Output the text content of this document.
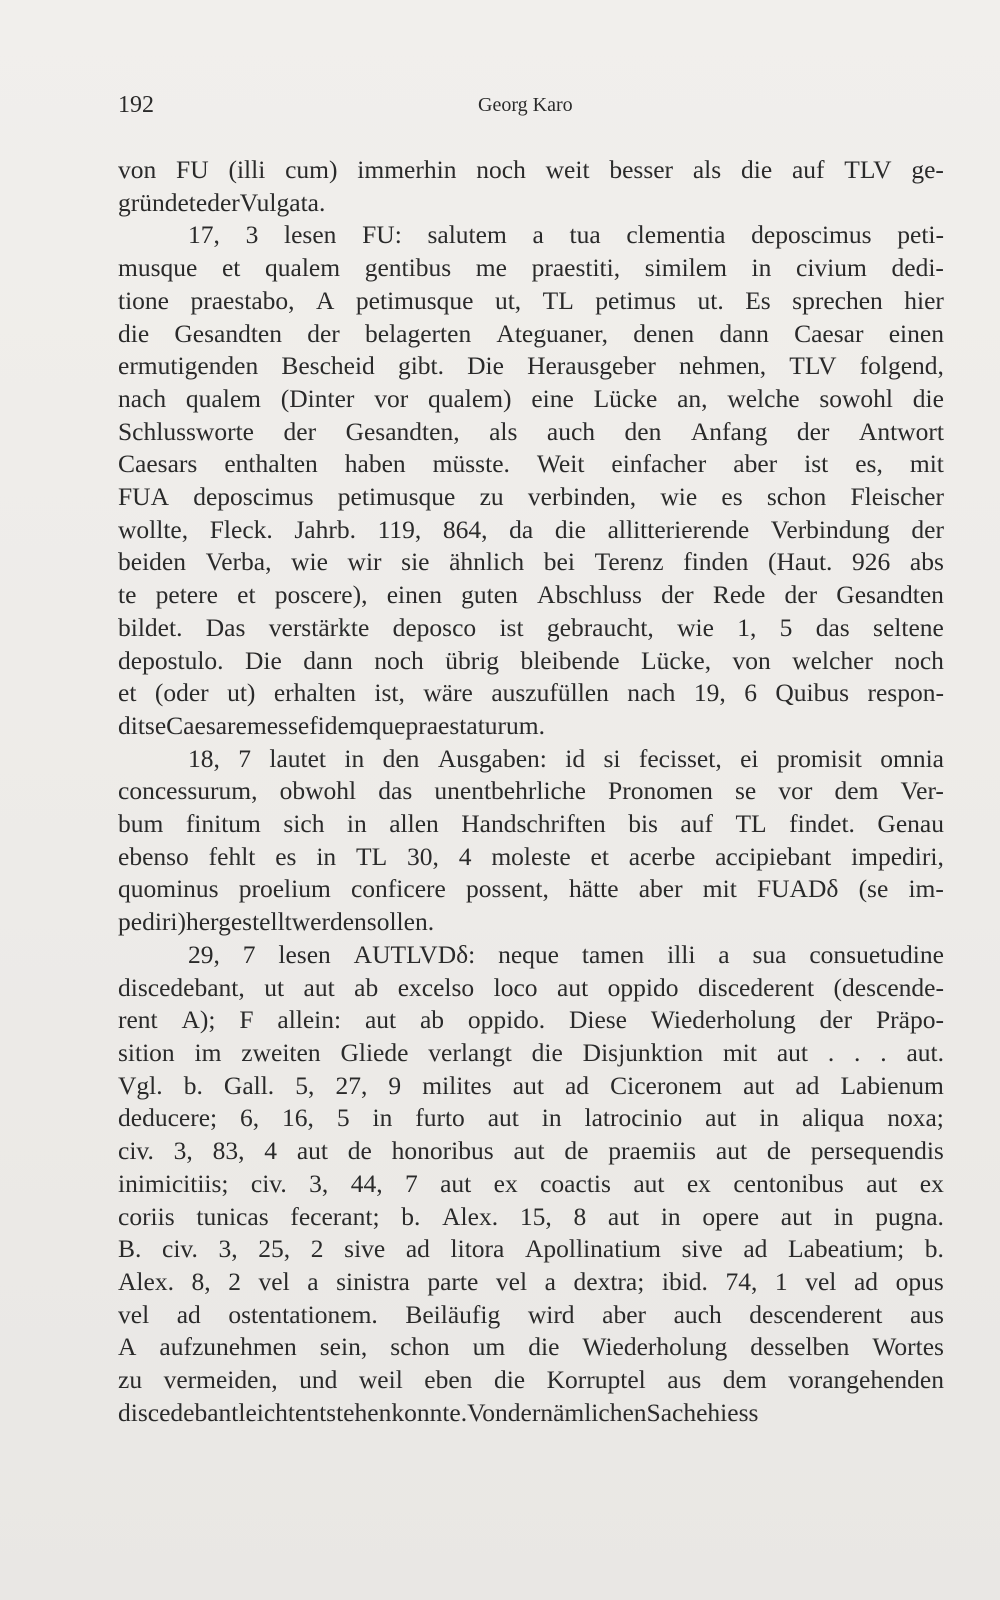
192	Georg Karo
von FU (illi cum) immerhin noch weit besser als die auf TLV ge-
gründete der Vulgata.
17, 3 lesen FU: salutem a tua clementia deposcimus peti-
musque et qualem gentibus me praestiti, similem in civium dedi-
tione praestabo, A petimusque ut, TL petimus ut. Es sprechen hier
die Gesandten der belagerten Ateguaner, denen dann Caesar einen
ermutigenden Bescheid gibt. Die Herausgeber nehmen, TLV folgend,
nach qualem (Dinter vor qualem) eine Lücke an, welche sowohl die
Schlussworte der Gesandten, als auch den Anfang der Antwort
Caesars enthalten haben müsste. Weit einfacher aber ist es, mit
FUA deposcimus petimusque zu verbinden, wie es schon Fleischer
wollte, Fleck. Jahrb. 119, 864, da die allitterierende Verbindung der
beiden Verba, wie wir sie ähnlich bei Terenz finden (Haut. 926 abs
te petere et poscere), einen guten Abschluss der Rede der Gesandten
bildet. Das verstärkte deposco ist gebraucht, wie 1, 5 das seltene
depostulo. Die dann noch übrig bleibende Lücke, von welcher noch
et (oder ut) erhalten ist, wäre auszufüllen nach 19, 6 Quibus respon-
dit se Caesarem esse fidemque praestaturum.
18, 7 lautet in den Ausgaben: id si fecisset, ei promisit omnia
concessurum, obwohl das unentbehrliche Pronomen se vor dem Ver-
bum finitum sich in allen Handschriften bis auf TL findet. Genau
ebenso fehlt es in TL 30, 4 moleste et acerbe accipiebant impediri,
quominus proelium conficere possent, hätte aber mit FUADδ (se im-
pediri) hergestellt werden sollen.
29, 7 lesen AUTLVDδ: neque tamen illi a sua consuetudine
discedebant, ut aut ab excelso loco aut oppido discederent (descende-
rent A); F allein: aut ab oppido. Diese Wiederholung der Präpo-
sition im zweiten Gliede verlangt die Disjunktion mit aut . . . aut.
Vgl. b. Gall. 5, 27, 9 milites aut ad Ciceronem aut ad Labienum
deducere; 6, 16, 5 in furto aut in latrocinio aut in aliqua noxa;
civ. 3, 83, 4 aut de honoribus aut de praemiis aut de persequendis
inimicitiis; civ. 3, 44, 7 aut ex coactis aut ex centonibus aut ex
coriis tunicas fecerant; b. Alex. 15, 8 aut in opere aut in pugna.
B. civ. 3, 25, 2 sive ad litora Apollinatium sive ad Labeatium; b.
Alex. 8, 2 vel a sinistra parte vel a dextra; ibid. 74, 1 vel ad opus
vel ad ostentationem. Beiläufig wird aber auch descenderent aus
A aufzunehmen sein, schon um die Wiederholung desselben Wortes
zu vermeiden, und weil eben die Korruptel aus dem vorangehenden
discedebant leicht entstehen konnte. Von der nämlichen Sache hiess
